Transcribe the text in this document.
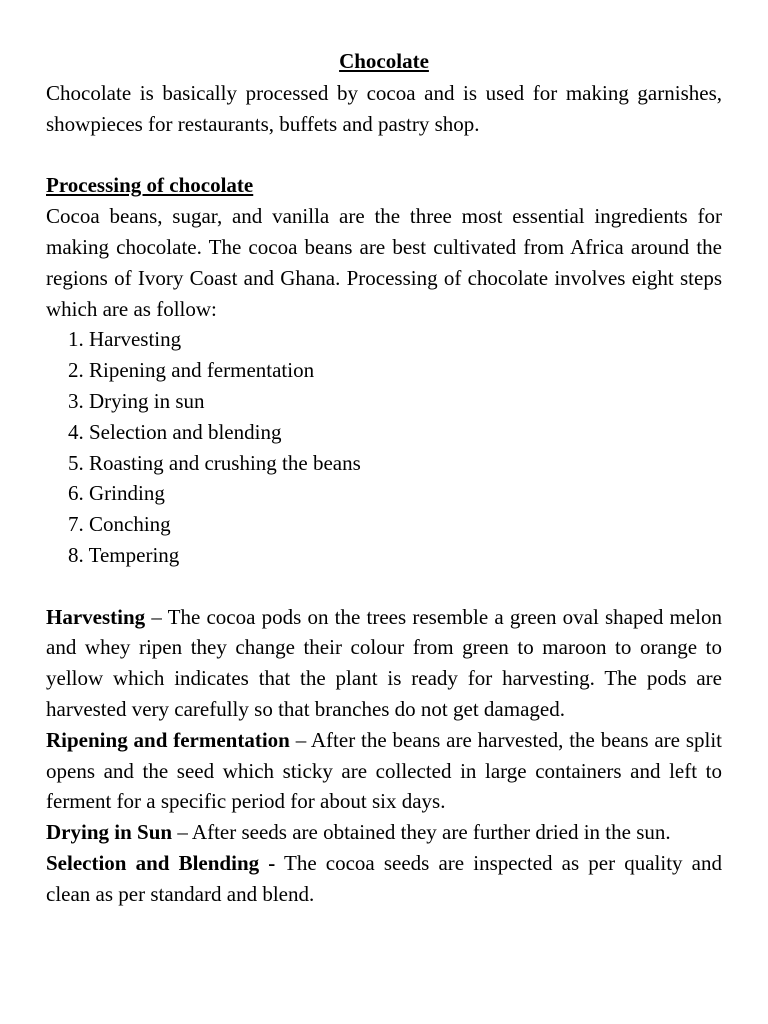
Chocolate

Chocolate is basically processed by cocoa and is used for making garnishes, showpieces for restaurants, buffets and pastry shop.

Processing of chocolate

Cocoa beans, sugar, and vanilla are the three most essential ingredients for making chocolate. The cocoa beans are best cultivated from Africa around the regions of Ivory Coast and Ghana. Processing of chocolate involves eight steps which are as follow:

1. Harvesting
2. Ripening and fermentation
3. Drying in sun
4. Selection and blending
5. Roasting and crushing the beans
6. Grinding
7. Conching
8. Tempering

Harvesting – The cocoa pods on the trees resemble a green oval shaped melon and whey ripen they change their colour from green to maroon to orange to yellow which indicates that the plant is ready for harvesting. The pods are harvested very carefully so that branches do not get damaged.

Ripening and fermentation – After the beans are harvested, the beans are split opens and the seed which sticky are collected in large containers and left to ferment for a specific period for about six days.

Drying in Sun – After seeds are obtained they are further dried in the sun.

Selection and Blending - The cocoa seeds are inspected as per quality and clean as per standard and blend.
